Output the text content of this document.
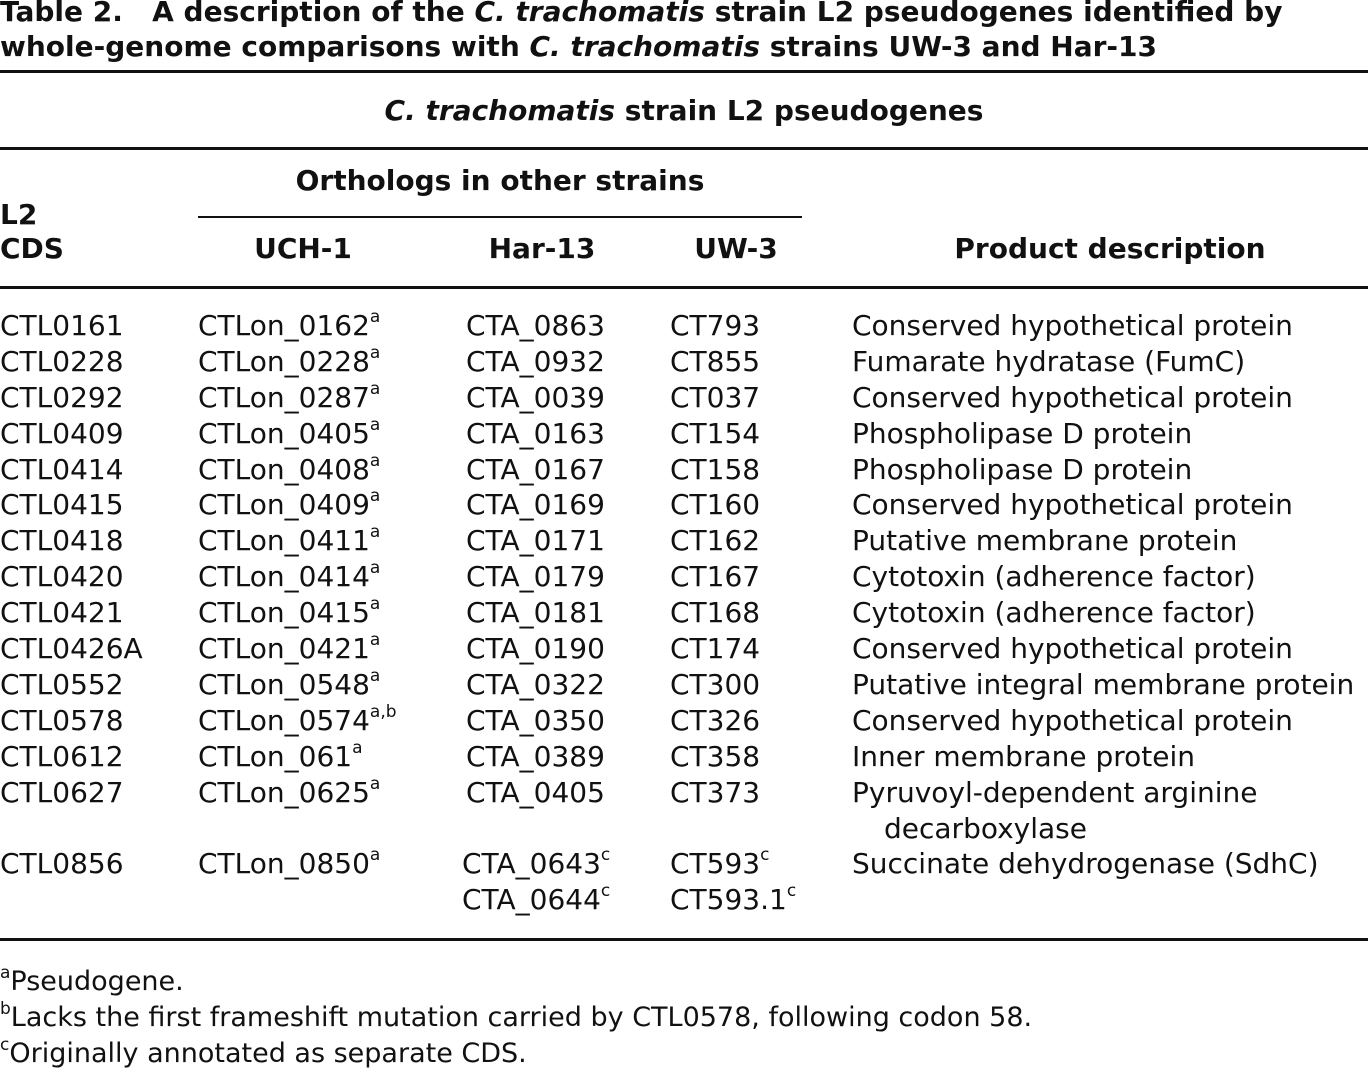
Table 2. A description of the C. trachomatis strain L2 pseudogenes identified by
whole-genome comparisons with C. trachomatis strains UW-3 and Har-13
C. trachomatis strain L2 pseudogenes
Orthologs in other strains
L2
CDS	UCH-1	Har-13	UW-3	Product description
CTL0161	CTLon_0162$^a$	CTA_0863 CT793	Conserved hypothetical protein
CTL0228	CTLon_0228$^a$	CTA_0932 CT855	Fumarate hydratase (FumC)
CTL0292	CTLon_0287$^a$	CTA_0039 CT037	Conserved hypothetical protein
CTL0409	CTLon_0405$^a$	CTA_0163 CT154	Phospholipase D protein
CTL0414	CTLon_0408$^a$	CTA_0167 CT158	Phospholipase D protein
CTL0415	CTLon_0409$^a$	CTA_0169 CT160	Conserved hypothetical protein
CTL0418	CTLon_0411$^a$	CTA_0171 CT162	Putative membrane protein
CTL0420	CTLon_0414$^a$	CTA_0179 CT167	Cytotoxin (adherence factor)
CTL0421	CTLon_0415$^a$	CTA_0181 CT168	Cytotoxin (adherence factor)
CTL0426A CTLon_0421$^a$	CTA_0190 CT174	Conserved hypothetical protein
CTL0552	CTLon_0548$^a$	CTA_0322 CT300	Putative integral membrane protein
CTL0578	CTLon_0574$^{a,b}$ CTA_0350 CT326	Conserved hypothetical protein
CTL0612	CTLon_061$^a$	CTA_0389 CT358	Inner membrane protein
CTL0627	CTLon_0625$^a$	CTA_0405 CT373	Pyruvoyl-dependent arginine
decarboxylase
CTL0856	CTLon_0850$^a$	CTA_0643$^c$ CT593$^c$	Succinate dehydrogenase (SdhC)
CTA_0644$^c$ CT593.1$^c$
$^a$Pseudogene.
$^b$Lacks the first frameshift mutation carried by CTL0578, following codon 58.
$^c$Originally annotated as separate CDS.
